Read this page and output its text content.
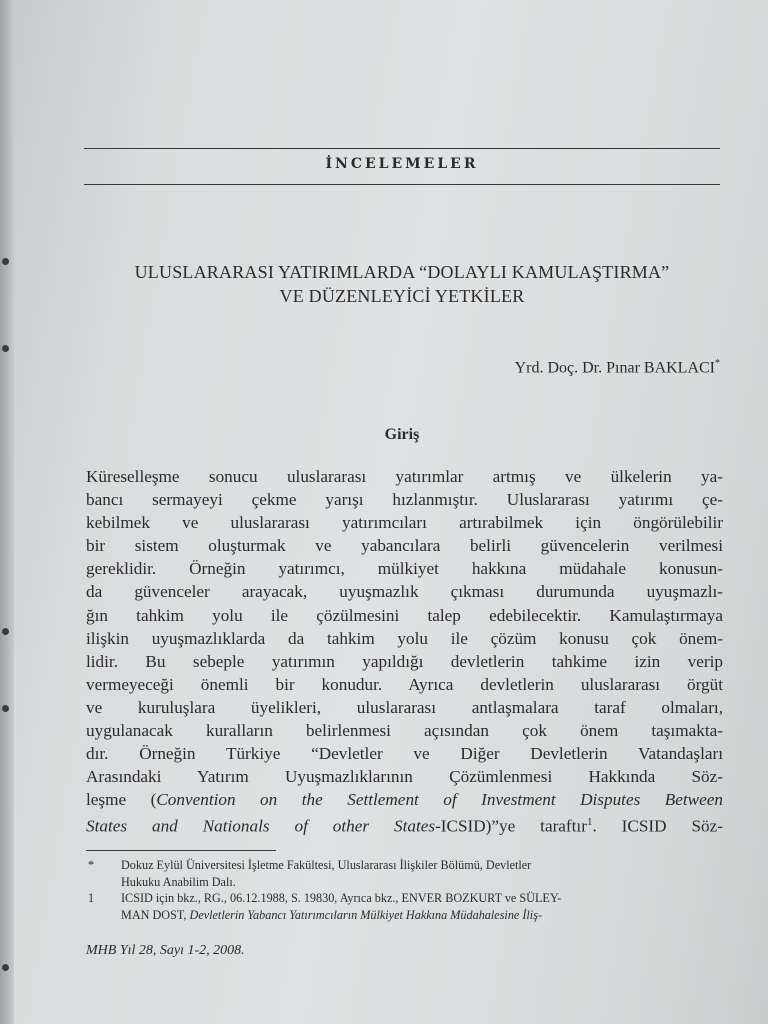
İNCELEMELER
ULUSLARARASI YATIRIMLARDA “DOLAYLI KAMULAŞTIRMA”
VE DÜZENLEYİCİ YETKİLER
Yrd. Doç. Dr. Pınar BAKLACI*
Giriş
Küreselleşme sonucu uluslararası yatırımlar artmış ve ülkelerin ya-
bancı sermayeyi çekme yarışı hızlanmıştır. Uluslararası yatırımı çe-
kebilmek ve uluslararası yatırımcıları artırabilmek için öngörülebilir
bir sistem oluşturmak ve yabancılara belirli güvencelerin verilmesi
gereklidir. Örneğin yatırımcı, mülkiyet hakkına müdahale konusun-
da güvenceler arayacak, uyuşmazlık çıkması durumunda uyuşmazlı-
ğın tahkim yolu ile çözülmesini talep edebilecektir. Kamulaştırmaya
ilişkin uyuşmazlıklarda da tahkim yolu ile çözüm konusu çok önem-
lidir. Bu sebeple yatırımın yapıldığı devletlerin tahkime izin verip
vermeyeceği önemli bir konudur. Ayrıca devletlerin uluslararası örgüt
ve kuruluşlara üyelikleri, uluslararası antlaşmalara taraf olmaları,
uygulanacak kuralların belirlenmesi açısından çok önem taşımakta-
dır. Örneğin Türkiye “Devletler ve Diğer Devletlerin Vatandaşları
Arasındaki Yatırım Uyuşmazlıklarının Çözümlenmesi Hakkında Söz-
leşme (Convention on the Settlement of Investment Disputes Between
States and Nationals of other States-ICSID)”ye taraftır$^1$. ICSID Söz-
* Dokuz Eylül Üniversitesi İşletme Fakültesi, Uluslararası İlişkiler Bölümü, Devletler
Hukuku Anabilim Dalı.
1 ICSID için bkz., RG., 06.12.1988, S. 19830, Ayrıca bkz., ENVER BOZKURT ve SÜLEY-
MAN DOST, Devletlerin Yabancı Yatırımcıların Mülkiyet Hakkına Müdahalesine İliş-
MHB Yıl 28, Sayı 1-2, 2008.
